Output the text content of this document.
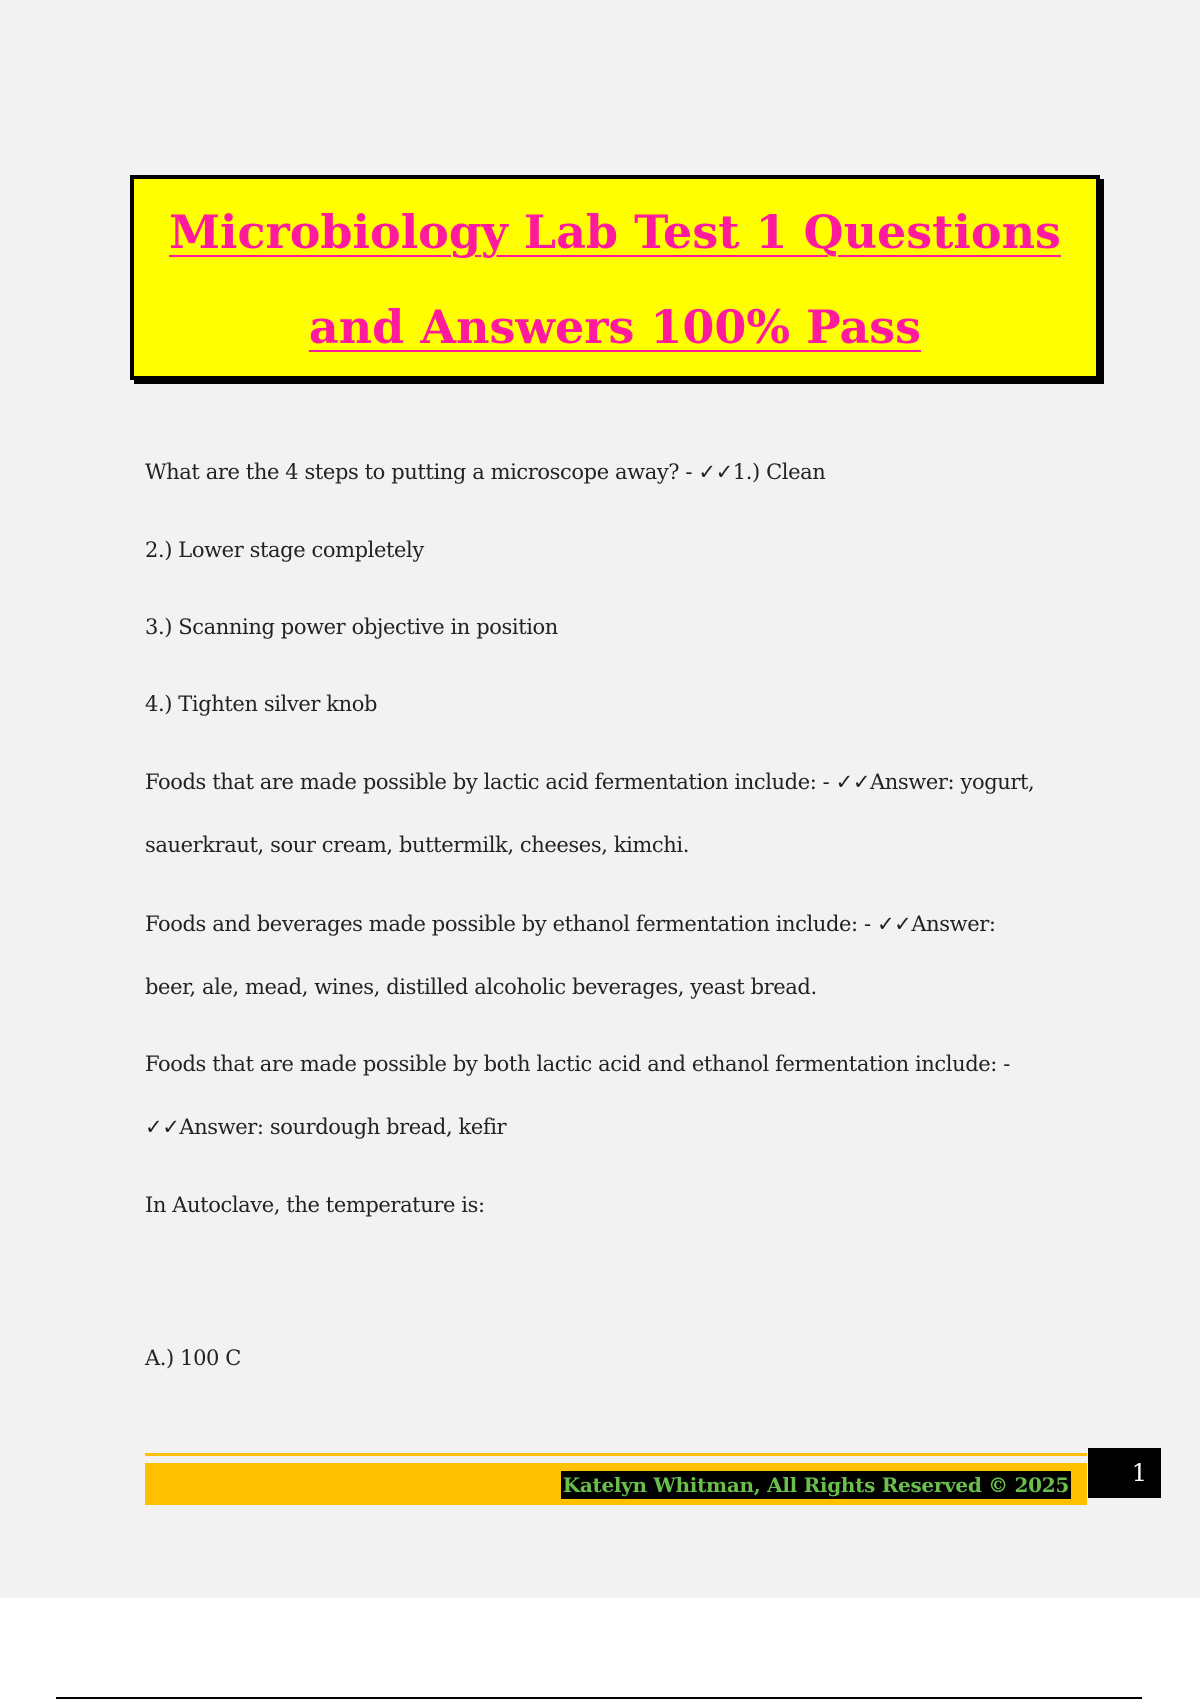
Microbiology Lab Test 1 Questions
and Answers 100% Pass

What are the 4 steps to putting a microscope away? - ✓✓1.) Clean

2.) Lower stage completely

3.) Scanning power objective in position

4.) Tighten silver knob

Foods that are made possible by lactic acid fermentation include: - ✓✓Answer: yogurt,

sauerkraut, sour cream, buttermilk, cheeses, kimchi.

Foods and beverages made possible by ethanol fermentation include: - ✓✓Answer:

beer, ale, mead, wines, distilled alcoholic beverages, yeast bread.

Foods that are made possible by both lactic acid and ethanol fermentation include: -

✓✓Answer: sourdough bread, kefir

In Autoclave, the temperature is:

A.) 100 C

Katelyn Whitman, All Rights Reserved © 2025	1
